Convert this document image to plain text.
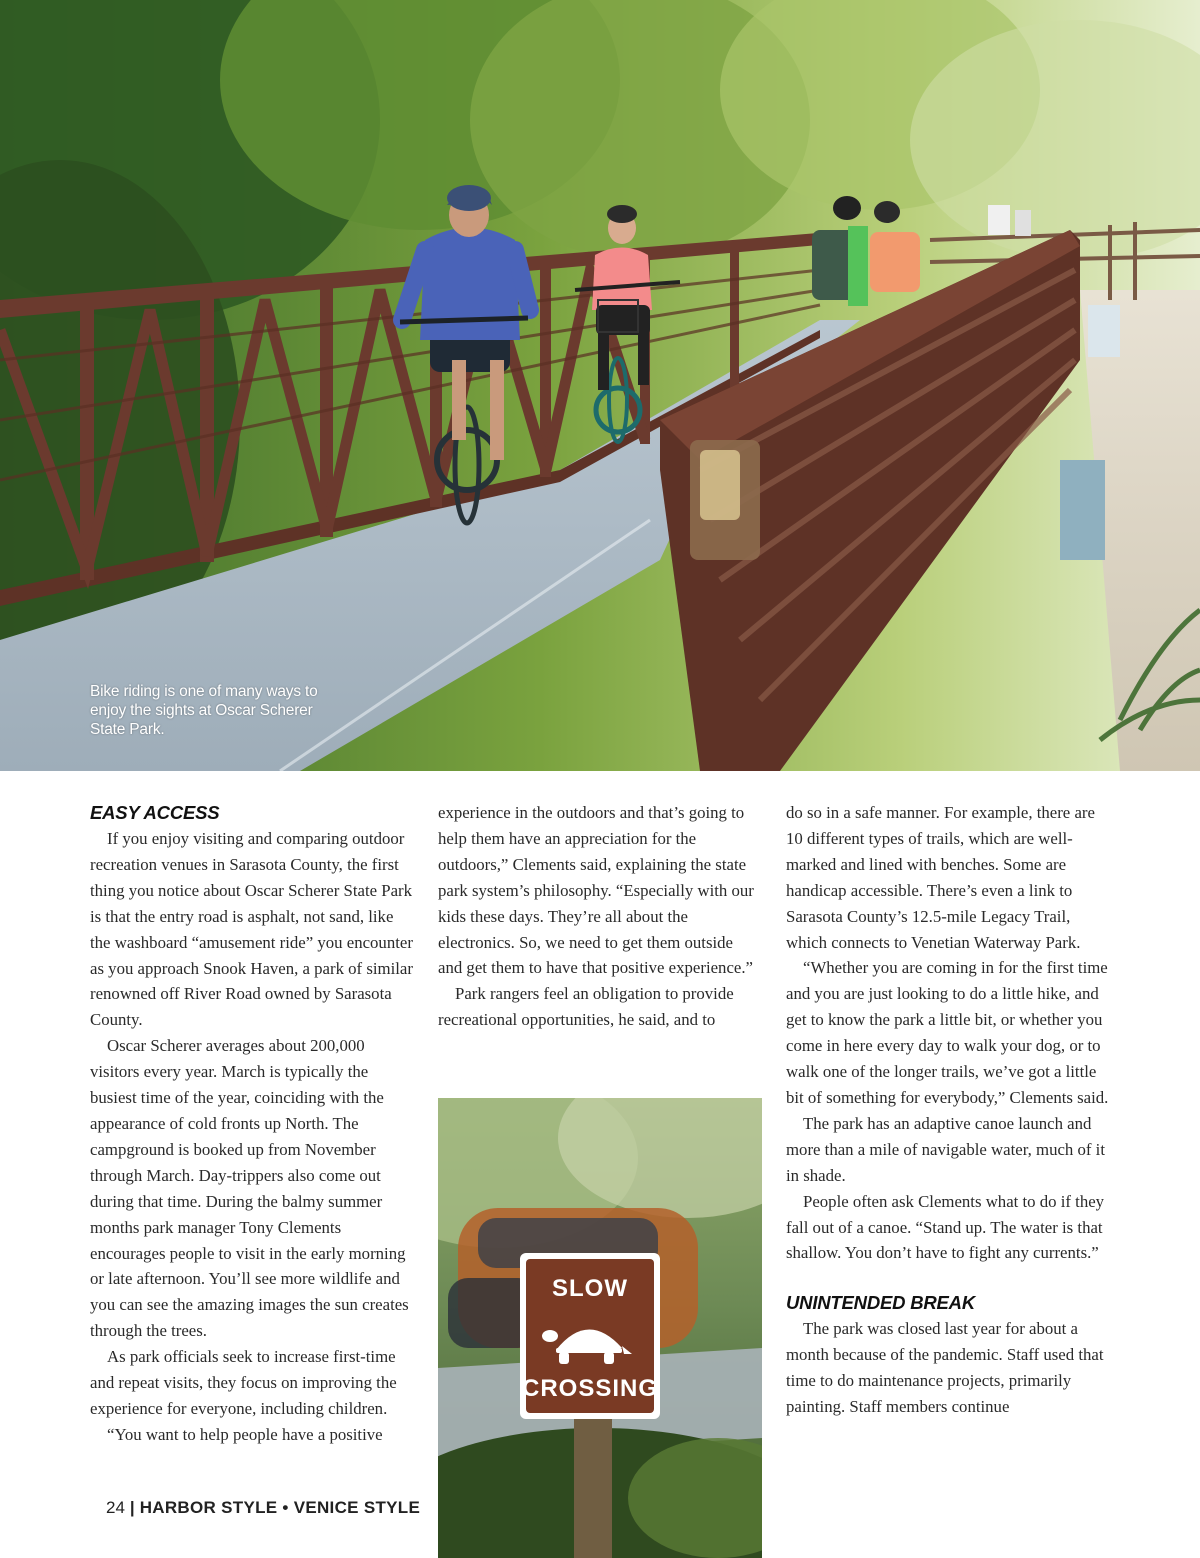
Bike riding is one of many ways to enjoy the sights at Oscar Scherer State Park.
EASY ACCESS

If you enjoy visiting and comparing outdoor recreation venues in Sarasota County, the first thing you notice about Oscar Scherer State Park is that the entry road is asphalt, not sand, like the washboard “amusement ride” you encounter as you approach Snook Haven, a park of similar renowned off River Road owned by Sarasota County.

Oscar Scherer averages about 200,000 visitors every year. March is typically the busiest time of the year, coinciding with the appearance of cold fronts up North. The campground is booked up from November through March. Day-trippers also come out during that time. During the balmy summer months park manager Tony Clements encourages people to visit in the early morning or late afternoon. You’ll see more wildlife and you can see the amazing images the sun creates through the trees.

As park officials seek to increase first-time and repeat visits, they focus on improving the experience for everyone, including children.

“You want to help people have a positive

experience in the outdoors and that’s going to help them have an appreciation for the outdoors,” Clements said, explaining the state park system’s philosophy. “Especially with our kids these days. They’re all about the electronics. So, we need to get them outside and get them to have that positive experience.”

Park rangers feel an obligation to provide recreational opportunities, he said, and to

SLOW
CROSSING

do so in a safe manner. For example, there are 10 different types of trails, which are well-marked and lined with benches. Some are handicap accessible. There’s even a link to Sarasota County’s 12.5-mile Legacy Trail, which connects to Venetian Waterway Park.

“Whether you are coming in for the first time and you are just looking to do a little hike, and get to know the park a little bit, or whether you come in here every day to walk your dog, or to walk one of the longer trails, we’ve got a little bit of something for everybody,” Clements said.

The park has an adaptive canoe launch and more than a mile of navigable water, much of it in shade.

People often ask Clements what to do if they fall out of a canoe. “Stand up. The water is that shallow. You don’t have to fight any currents.”

UNINTENDED BREAK

The park was closed last year for about a month because of the pandemic. Staff used that time to do maintenance projects, primarily painting. Staff members continue

24 | HARBOR STYLE • VENICE STYLE
